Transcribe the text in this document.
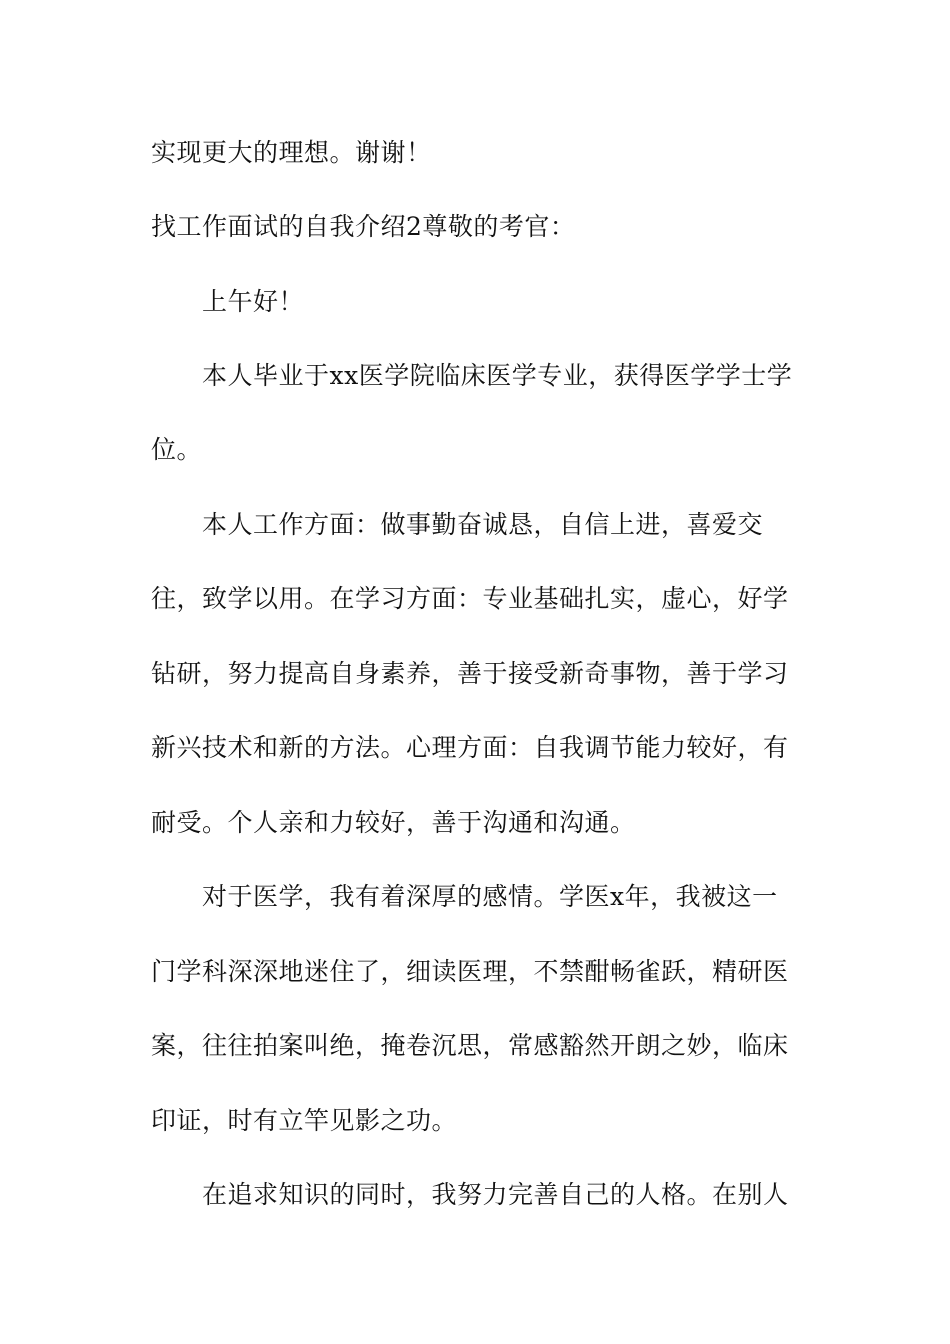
实现更大的理想。谢谢！

找工作面试的自我介绍2尊敬的考官：

上午好！

本人毕业于xx医学院临床医学专业，获得医学学士学

位。

本人工作方面：做事勤奋诚恳，自信上进，喜爱交

往，致学以用。在学习方面：专业基础扎实，虚心，好学

钻研，努力提高自身素养，善于接受新奇事物，善于学习

新兴技术和新的方法。心理方面：自我调节能力较好，有

耐受。个人亲和力较好，善于沟通和沟通。

对于医学，我有着深厚的感情。学医x年，我被这一

门学科深深地迷住了，细读医理，不禁酣畅雀跃，精研医

案，往往拍案叫绝，掩卷沉思，常感豁然开朗之妙，临床

印证，时有立竿见影之功。

在追求知识的同时，我努力完善自己的人格。在别人
